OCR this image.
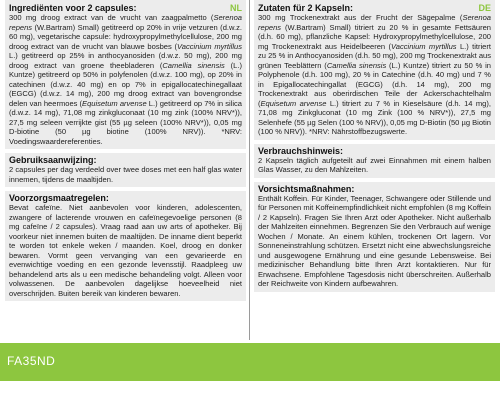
Ingrediënten voor 2 capsules:	NL
300 mg droog extract van de vrucht van zaagpalmetto (Serenoa repens (W.Bartram) Small) getitreerd op 20% in vrije vetzuren (d.w.z. 60 mg), vegetarische capsule: hydroxypropylmethylcellulose, 200 mg droog extract van de vrucht van blauwe bosbes (Vaccinium myrtillus L.) getitreerd op 25% in anthocyanosiden (d.w.z. 50 mg), 200 mg droog extract van groene theebladeren (Camellia sinensis (L.) Kuntze) getitreerd op 50% in polyfenolen (d.w.z. 100 mg), op 20% in catechinen (d.w.z. 40 mg) en op 7% in epigallocatechinegallaat (EGCG) (d.w.z. 14 mg), 200 mg droog extract van bovengrondse delen van heermoes (Equisetum arvense L.) getitreerd op 7% in silica (d.w.z. 14 mg), 71,08 mg zinkgluconaat (10 mg zink (100% NRV*)), 27,5 mg seleen verrijkte gist (55 µg seleen (100% NRV*)), 0,05 mg D-biotine (50 µg biotine (100% NRV)). *NRV: Voedingswaardereferenties.
Gebruiksaanwijzing:
2 capsules per dag verdeeld over twee doses met een half glas water innemen, tijdens de maaltijden.
Voorzorgsmaatregelen:
Bevat cafeïne. Niet aanbevolen voor kinderen, adolescenten, zwangere of lacterende vrouwen en cafeïnegevoelige personen (8 mg cafeïne / 2 capsules). Vraag raad aan uw arts of apotheker. Bij voorkeur niet innemen buiten de maaltijden. De inname dient beperkt te worden tot enkele weken / maanden. Koel, droog en donker bewaren. Vormt geen vervanging van een gevarieerde en evenwichtige voeding en een gezonde levensstijl. Raadpleeg uw behandelend arts als u een medische behandeling volgt. Alleen voor volwassenen. De aanbevolen dagelijkse hoeveelheid niet overschrijden. Buiten bereik van kinderen bewaren.
Zutaten für 2 Kapseln:	DE
300 mg Trockenextrakt aus der Frucht der Sägepalme (Serenoa repens (W.Bartram) Small) titriert zu 20 % in gesamte Fettsäuren (d.h. 60 mg), pflanzliche Kapsel: Hydroxypropylmethylcellulose, 200 mg Trockenextrakt aus Heidelbeeren (Vaccinium myrtillus L.) titriert zu 25 % in Anthocyanosiden (d.h. 50 mg), 200 mg Trockenextrakt aus grünen Teeblättern (Camellia sinensis (L.) Kuntze) titriert zu 50 % in Polyphenole (d.h. 100 mg), 20 % in Catechine (d.h. 40 mg) und 7 % in Epigallocatechingallat (EGCG) (d.h. 14 mg), 200 mg Trockenextrakt aus oberirdischen Teile der Ackerschachtelhalm (Equisetum arvense L.) titriert zu 7 % in Kieselsäure (d.h. 14 mg), 71,08 mg Zinkgluconat (10 mg Zink (100 % NRV*)), 27,5 mg Selenhefe (55 µg Selen (100 % NRV)), 0,05 mg D-Biotin (50 µg Biotin (100 % NRV)). *NRV: Nährstoffbezugswerte.
Verbrauchshinweis:
2 Kapseln täglich aufgeteilt auf zwei Einnahmen mit einem halben Glas Wasser, zu den Mahlzeiten.
Vorsichtsmaßnahmen:
Enthält Koffein. Für Kinder, Teenager, Schwangere oder Stillende und für Personen mit Koffeinempfindlichkeit nicht empfohlen (8 mg Koffein / 2 Kapseln). Fragen Sie Ihren Arzt oder Apotheker. Nicht außerhalb der Mahlzeiten einnehmen. Begrenzen Sie den Verbrauch auf wenige Wochen / Monate. An einem kühlen, trockenen Ort lagern. Vor Sonneneinstrahlung schützen. Ersetzt nicht eine abwechslungsreiche und ausgewogene Ernährung und eine gesunde Lebensweise. Bei medizinischer Behandlung bitte Ihren Arzt kontaktieren. Nur für Erwachsene. Empfohlene Tagesdosis nicht überschreiten. Außerhalb der Reichweite von Kindern aufbewahren.
FA35ND
